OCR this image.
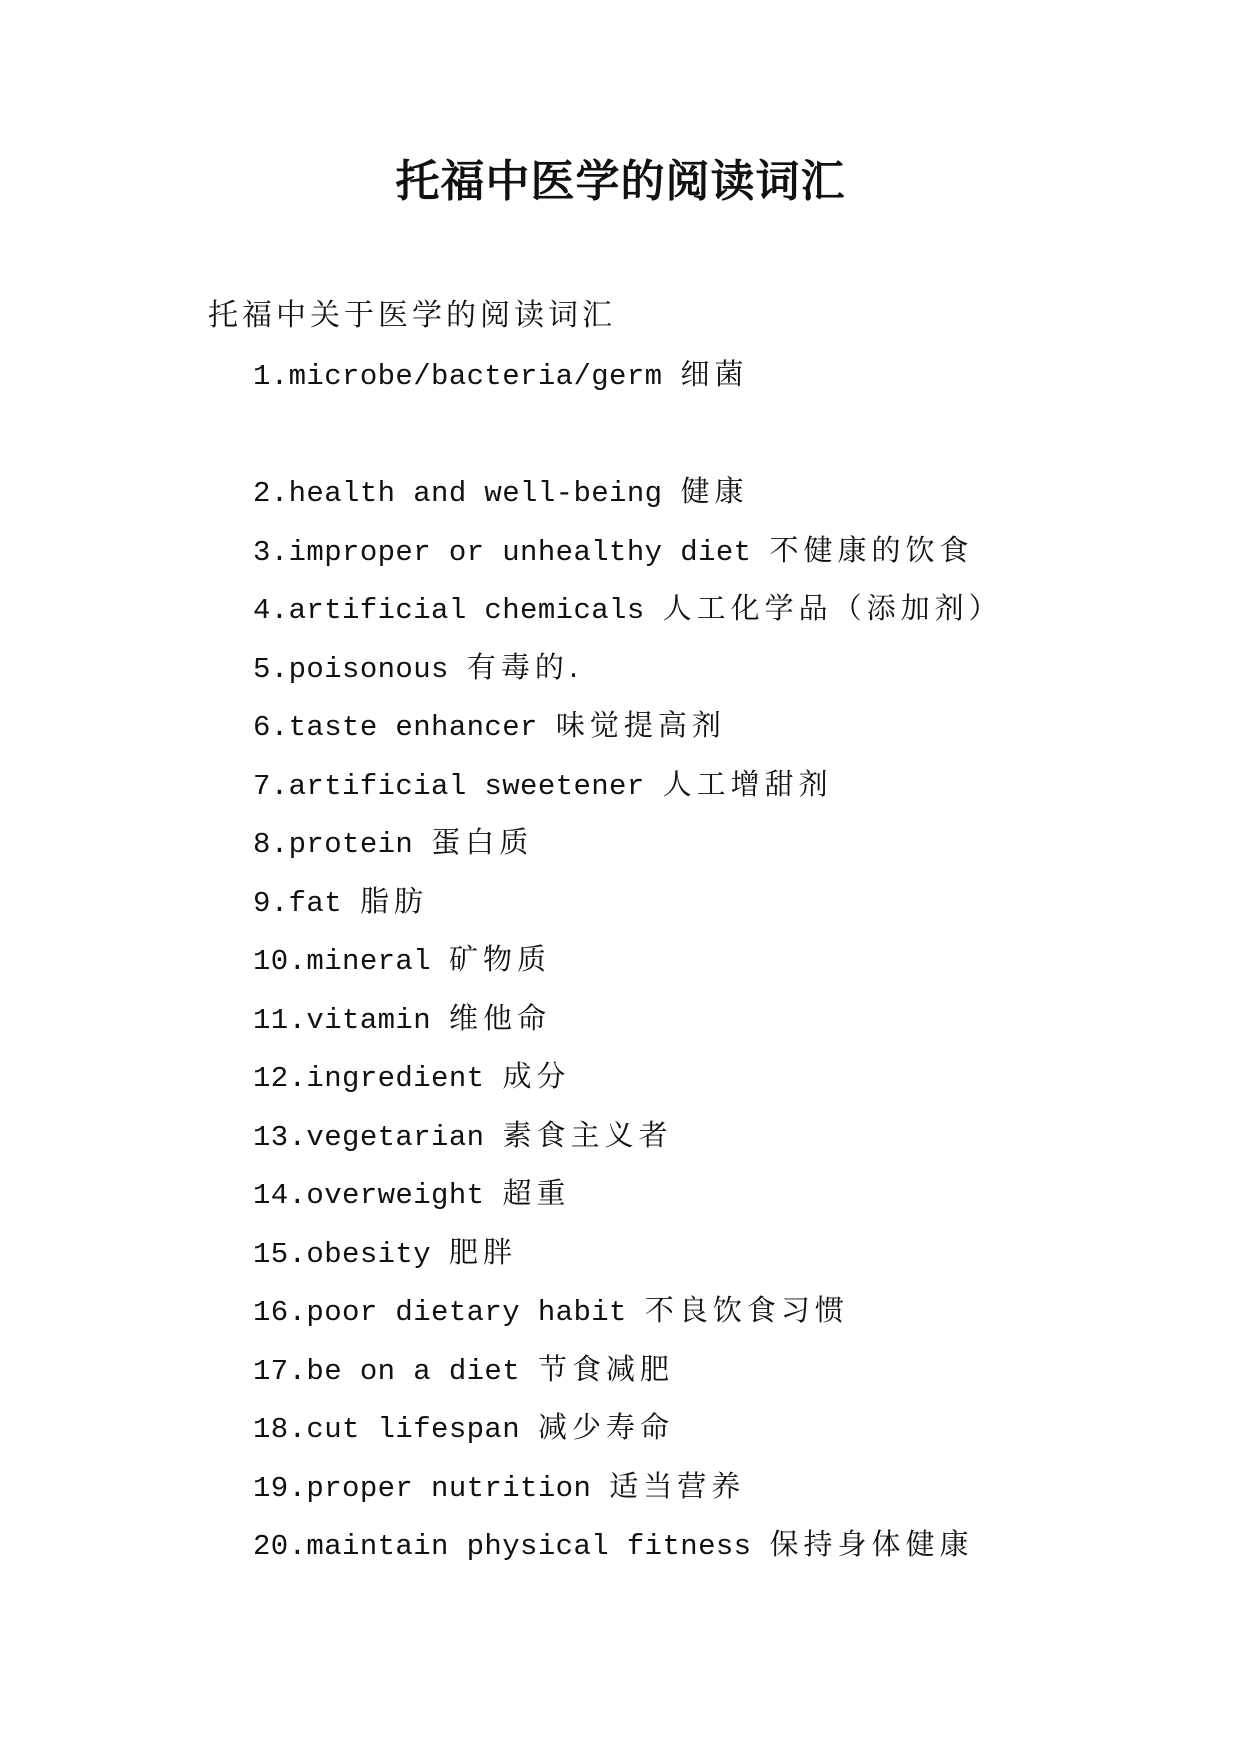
托福中医学的阅读词汇

托福中关于医学的阅读词汇

1.microbe/bacteria/germ 细菌
2.health and well-being 健康
3.improper or unhealthy diet 不健康的饮食
4.artificial chemicals 人工化学品（添加剂）
5.poisonous 有毒的.
6.taste enhancer 味觉提高剂
7.artificial sweetener 人工增甜剂
8.protein 蛋白质
9.fat 脂肪
10.mineral 矿物质
11.vitamin 维他命
12.ingredient 成分
13.vegetarian 素食主义者
14.overweight 超重
15.obesity 肥胖
16.poor dietary habit 不良饮食习惯
17.be on a diet 节食减肥
18.cut lifespan 减少寿命
19.proper nutrition 适当营养
20.maintain physical fitness 保持身体健康
